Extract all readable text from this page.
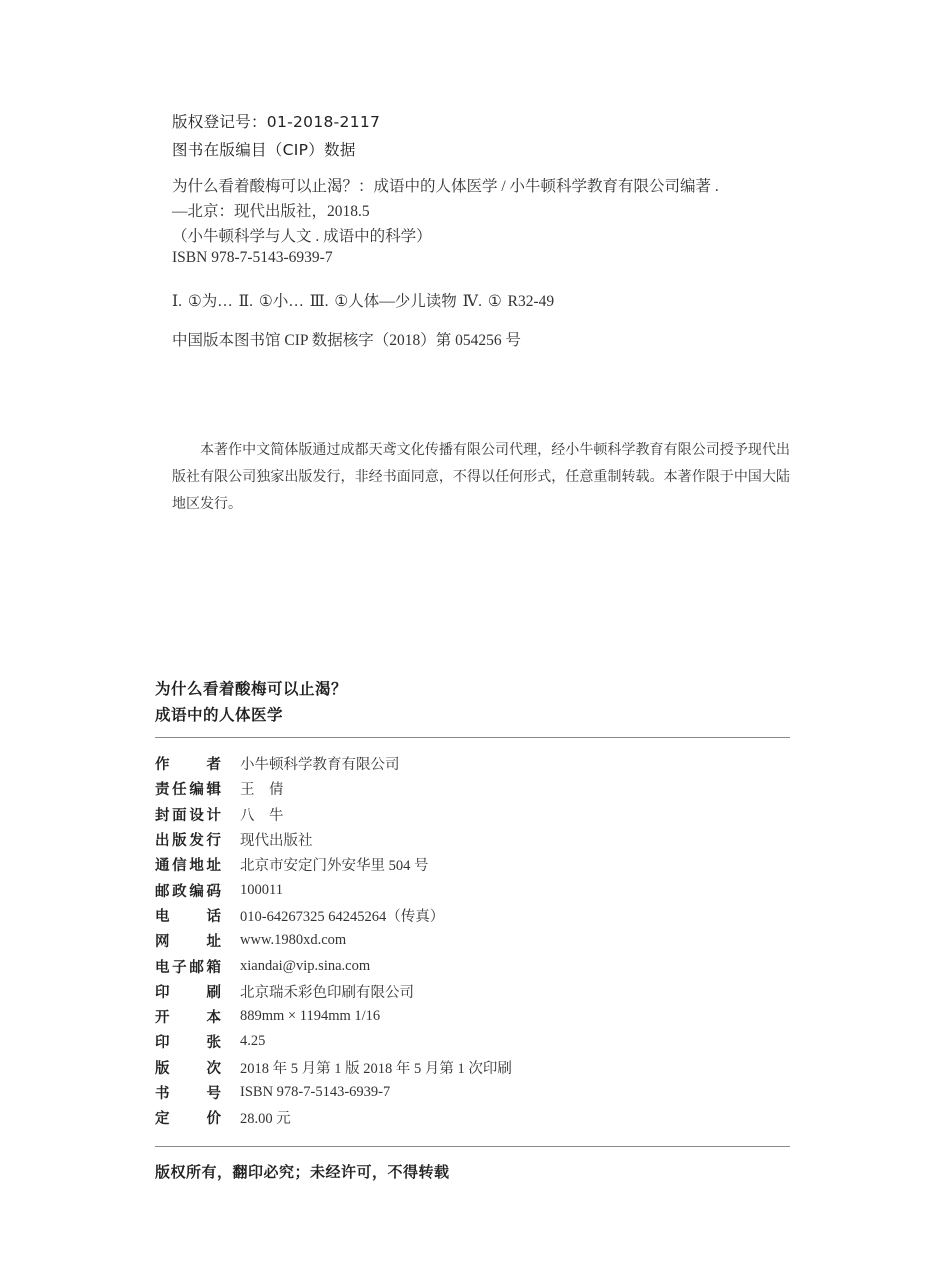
版权登记号：01-2018-2117
图书在版编目（CIP）数据
为什么看着酸梅可以止渴？：成语中的人体医学 / 小牛顿科学教育有限公司编著 .
—北京：现代出版社，2018.5
（小牛顿科学与人文 . 成语中的科学）
ISBN 978-7-5143-6939-7
Ⅰ. ①为… Ⅱ. ①小… Ⅲ. ①人体—少儿读物 Ⅳ. ① R32-49
中国版本图书馆 CIP 数据核字（2018）第 054256 号
本著作中文简体版通过成都天鸢文化传播有限公司代理，经小牛顿科学教育有限公司授予现代出版社有限公司独家出版发行，非经书面同意，不得以任何形式，任意重制转载。本著作限于中国大陆地区发行。
为什么看着酸梅可以止渴？
成语中的人体医学
作	者 小牛顿科学教育有限公司
责 任 编 辑 王　倩
封 面 设 计 八　牛
出 版 发 行 现代出版社
通 信 地 址 北京市安定门外安华里 504 号
邮 政 编 码 100011
电	话 010-64267325 64245264（传真）
网	址 www.1980xd.com
电 子 邮 箱 xiandai@vip.sina.com
印	刷 北京瑞禾彩色印刷有限公司
开	本 889mm × 1194mm 1/16
印	张 4.25
版	次 2018 年 5 月第 1 版 2018 年 5 月第 1 次印刷
书	号 ISBN 978-7-5143-6939-7
定	价 28.00 元
版权所有，翻印必究；未经许可，不得转载
